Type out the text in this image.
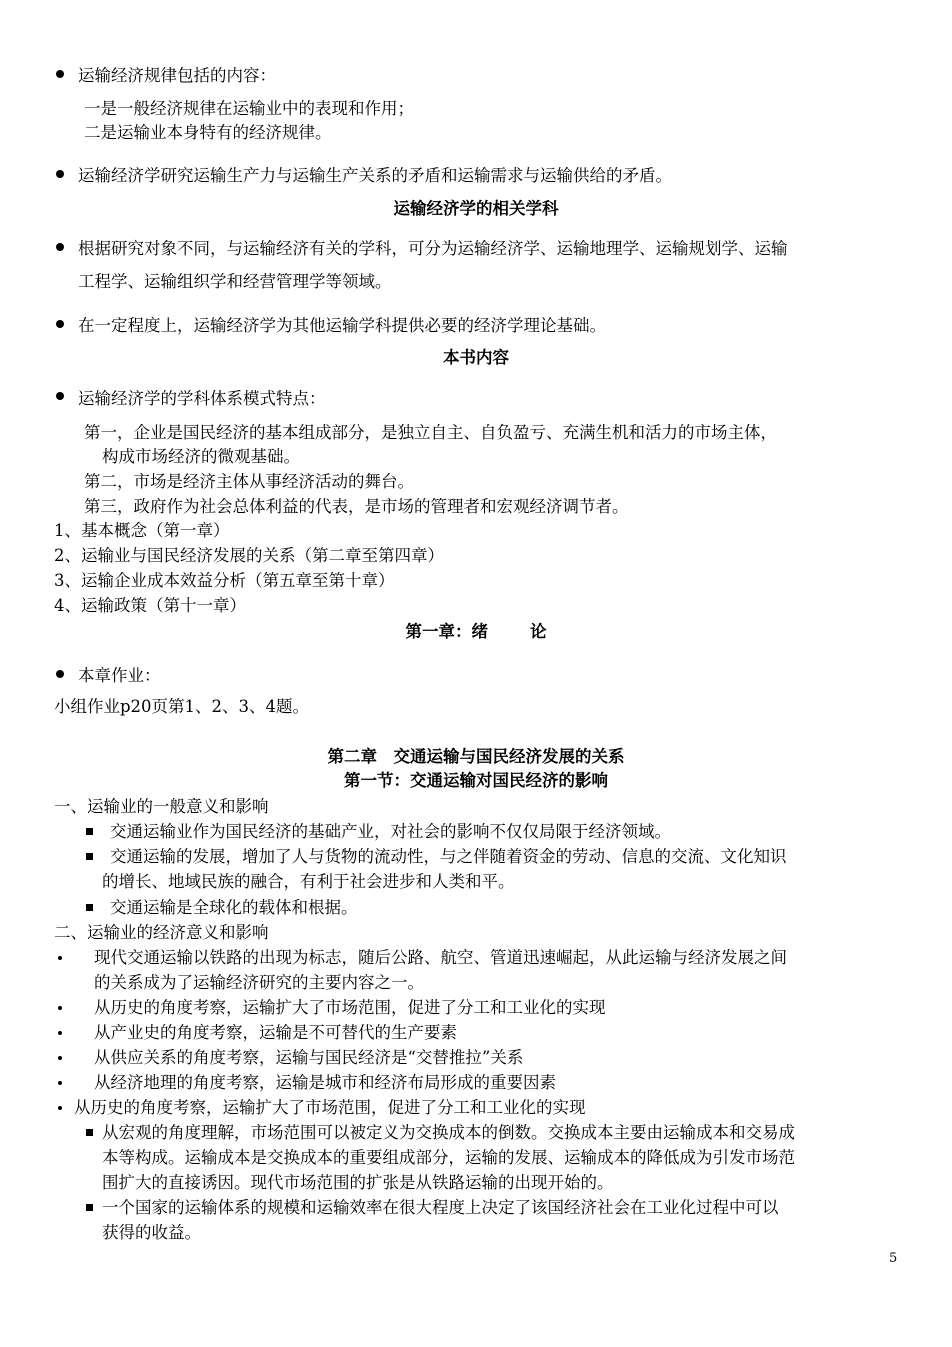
运输经济规律包括的内容：
一是一般经济规律在运输业中的表现和作用；
二是运输业本身特有的经济规律。
运输经济学研究运输生产力与运输生产关系的矛盾和运输需求与运输供给的矛盾。
运输经济学的相关学科
根据研究对象不同，与运输经济有关的学科，可分为运输经济学、运输地理学、运输规划学、运输
工程学、运输组织学和经营管理学等领域。
在一定程度上，运输经济学为其他运输学科提供必要的经济学理论基础。
本书内容
运输经济学的学科体系模式特点：
第一，企业是国民经济的基本组成部分，是独立自主、自负盈亏、充满生机和活力的市场主体，
构成市场经济的微观基础。
第二，市场是经济主体从事经济活动的舞台。
第三，政府作为社会总体利益的代表，是市场的管理者和宏观经济调节者。
1、基本概念（第一章）
2、运输业与国民经济发展的关系（第二章至第四章）
3、运输企业成本效益分析（第五章至第十章）
4、运输政策（第十一章）
第一章：绪	论
本章作业：
小组作业p20页第1、2、3、4题。
第二章　交通运输与国民经济发展的关系
第一节：交通运输对国民经济的影响
一、运输业的一般意义和影响
交通运输业作为国民经济的基础产业，对社会的影响不仅仅局限于经济领域。
交通运输的发展，增加了人与货物的流动性，与之伴随着资金的劳动、信息的交流、文化知识
的增长、地域民族的融合，有利于社会进步和人类和平。
交通运输是全球化的载体和根据。
二、运输业的经济意义和影响
现代交通运输以铁路的出现为标志，随后公路、航空、管道迅速崛起，从此运输与经济发展之间
的关系成为了运输经济研究的主要内容之一。
从历史的角度考察，运输扩大了市场范围，促进了分工和工业化的实现
从产业史的角度考察，运输是不可替代的生产要素
从供应关系的角度考察，运输与国民经济是“交替推拉”关系
从经济地理的角度考察，运输是城市和经济布局形成的重要因素
从历史的角度考察，运输扩大了市场范围，促进了分工和工业化的实现
从宏观的角度理解，市场范围可以被定义为交换成本的倒数。交换成本主要由运输成本和交易成
本等构成。运输成本是交换成本的重要组成部分，运输的发展、运输成本的降低成为引发市场范
围扩大的直接诱因。现代市场范围的扩张是从铁路运输的出现开始的。
一个国家的运输体系的规模和运输效率在很大程度上决定了该国经济社会在工业化过程中可以
获得的收益。
5
